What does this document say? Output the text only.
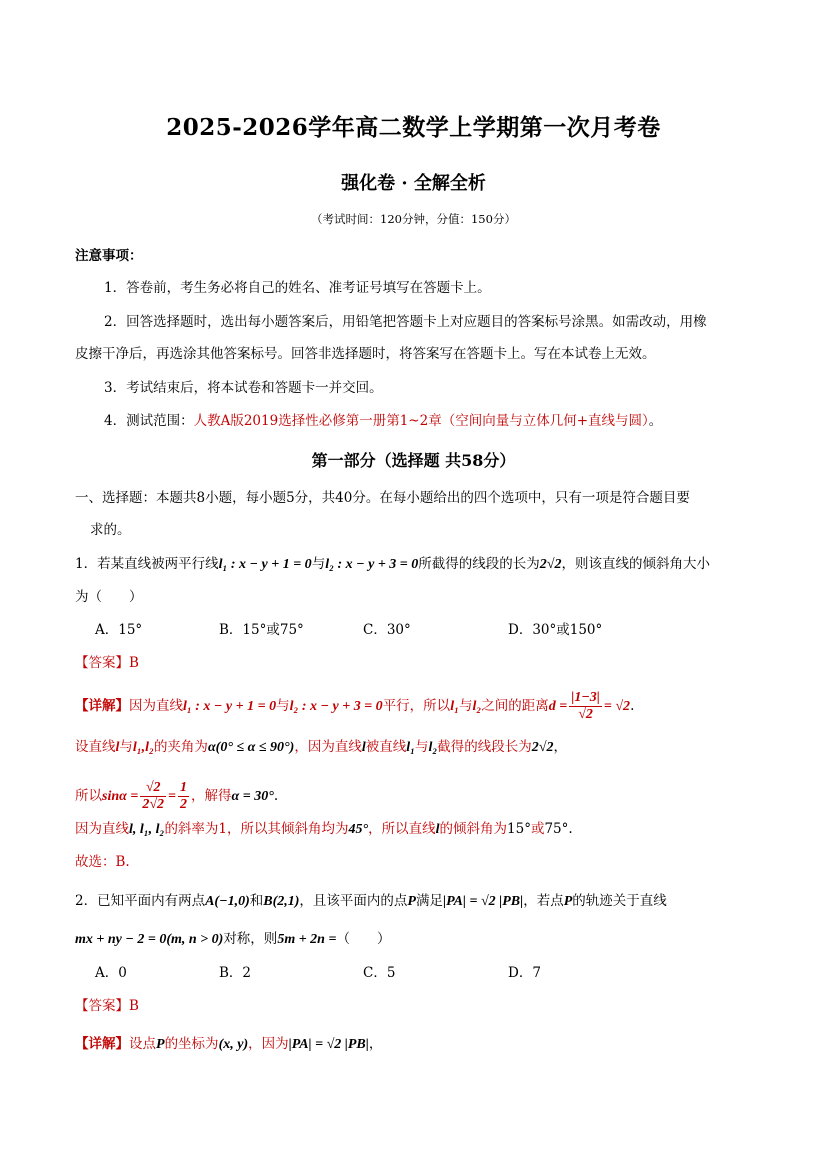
2025-2026学年高二数学上学期第一次月考卷
强化卷 · 全解全析
（考试时间：120分钟，分值：150分）
注意事项：
1．答卷前，考生务必将自己的姓名、准考证号填写在答题卡上。
2．回答选择题时，选出每小题答案后，用铅笔把答题卡上对应题目的答案标号涂黑。如需改动，用橡
皮擦干净后，再选涂其他答案标号。回答非选择题时，将答案写在答题卡上。写在本试卷上无效。
3．考试结束后，将本试卷和答题卡一并交回。
4．测试范围：人教A版2019选择性必修第一册第1~2章（空间向量与立体几何+直线与圆）。
第一部分（选择题 共58分）
一、选择题：本题共8小题，每小题5分，共40分。在每小题给出的四个选项中，只有一项是符合题目要
求的。
1．若某直线被两平行线l₁ : x − y + 1 = 0与l₂ : x − y + 3 = 0所截得的线段的长为2√2，则该直线的倾斜角大小
为（　　）
A．15°	B．15°或75°	C．30°	D．30°或150°
【答案】B
【详解】因为直线l₁ : x − y + 1 = 0与l₂ : x − y + 3 = 0平行，所以l₁与l₂之间的距离$d = \frac{|1-3|}{√2} = √2$.
设直线l与l₁,l₂的夹角为α(0° ≤ α ≤ 90°)，因为直线l被直线l₁与l₂截得的线段长为2√2，
所以$\sin\alpha = \frac{√2}{2√2} = \frac{1}{2}$ ，解得α = 30°.
因为直线l, l₁, l₂的斜率为1，所以其倾斜角均为45°，所以直线l的倾斜角为15°或75°.
故选：B.
2．已知平面内有两点A(−1,0)和B(2,1)，且该平面内的点P满足|PA| = √2 |PB|，若点P的轨迹关于直线
mx + ny − 2 = 0(m, n > 0)对称，则5m + 2n =（　　）
A．0	B．2	C．5	D．7
【答案】B
【详解】设点P的坐标为(x, y)，因为|PA| = √2 |PB|，
